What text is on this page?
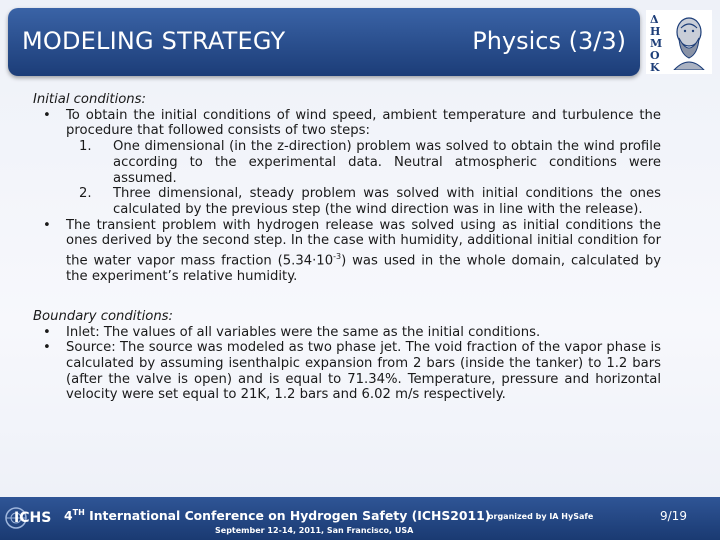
MODELING STRATEGY	Physics (3/3)
Δ
Η
Μ
Ο
Κ
Initial conditions:
• To obtain the initial conditions of wind speed, ambient temperature and turbulence the procedure that followed consists of two steps:
1. One dimensional (in the z-direction) problem was solved to obtain the wind profile according to the experimental data. Neutral atmospheric conditions were assumed.
2. Three dimensional, steady problem was solved with initial conditions the ones calculated by the previous step (the wind direction was in line with the release).
• The transient problem with hydrogen release was solved using as initial conditions the ones derived by the second step. In the case with humidity, additional initial condition for the water vapor mass fraction $(5.34\cdot 10^{-3})$ was used in the whole domain, calculated by the experiment’s relative humidity.
Boundary conditions:
• Inlet: The values of all variables were the same as the initial conditions.
• Source: The source was modeled as two phase jet. The void fraction of the vapor phase is calculated by assuming isenthalpic expansion from 2 bars (inside the tanker) to 1.2 bars (after the valve is open) and is equal to 71.34%. Temperature, pressure and horizontal velocity were set equal to 21K, 1.2 bars and 6.02 m/s respectively.
ICHS 4TH International Conference on Hydrogen Safety (ICHS2011)
organized by IA HySafe
September 12-14, 2011, San Francisco, USA
9/19
